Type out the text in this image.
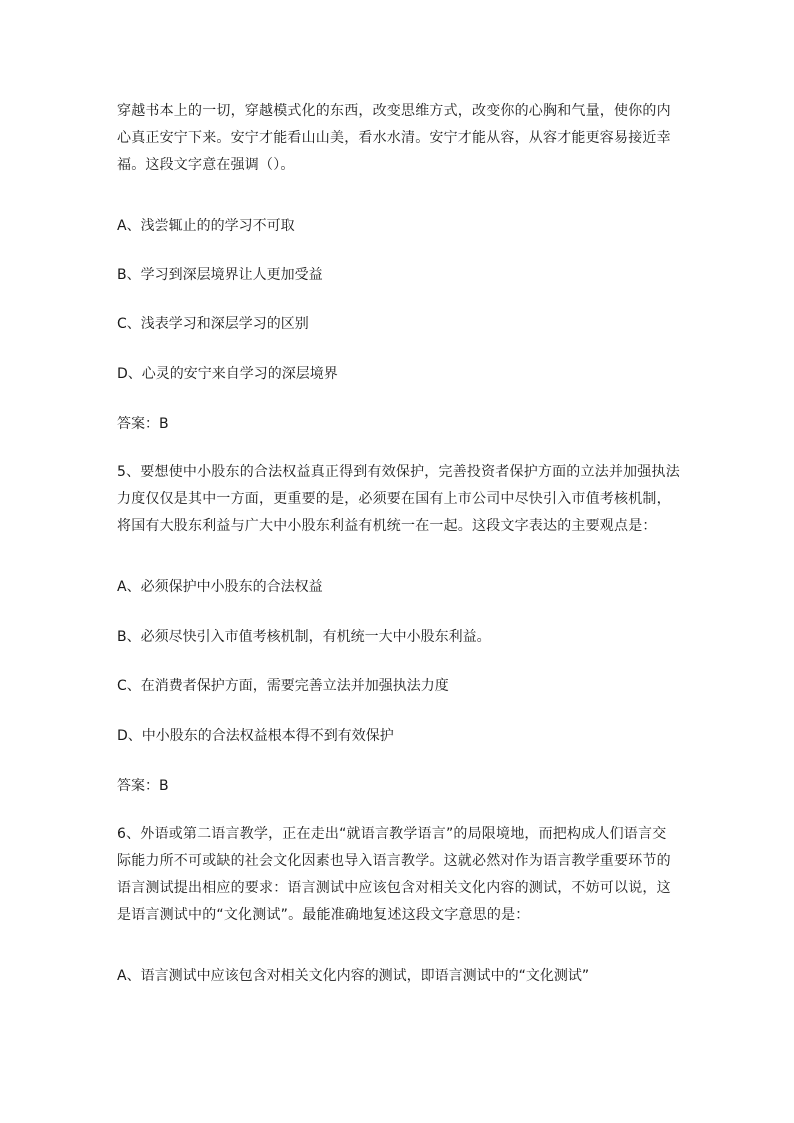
穿越书本上的一切，穿越模式化的东西，改变思维方式，改变你的心胸和气量，使你的内
心真正安宁下来。安宁才能看山山美，看水水清。安宁才能从容，从容才能更容易接近幸
福。这段文字意在强调（）。

A、浅尝辄止的的学习不可取

B、学习到深层境界让人更加受益

C、浅表学习和深层学习的区别

D、心灵的安宁来自学习的深层境界

答案：B

5、要想使中小股东的合法权益真正得到有效保护，完善投资者保护方面的立法并加强执法
力度仅仅是其中一方面，更重要的是，必须要在国有上市公司中尽快引入市值考核机制，
将国有大股东利益与广大中小股东利益有机统一在一起。这段文字表达的主要观点是：

A、必须保护中小股东的合法权益

B、必须尽快引入市值考核机制，有机统一大中小股东利益。

C、在消费者保护方面，需要完善立法并加强执法力度

D、中小股东的合法权益根本得不到有效保护

答案：B

6、外语或第二语言教学，正在走出“就语言教学语言”的局限境地，而把构成人们语言交
际能力所不可或缺的社会文化因素也导入语言教学。这就必然对作为语言教学重要环节的
语言测试提出相应的要求：语言测试中应该包含对相关文化内容的测试，不妨可以说，这
是语言测试中的“文化测试”。最能准确地复述这段文字意思的是：

A、语言测试中应该包含对相关文化内容的测试，即语言测试中的“文化测试”
